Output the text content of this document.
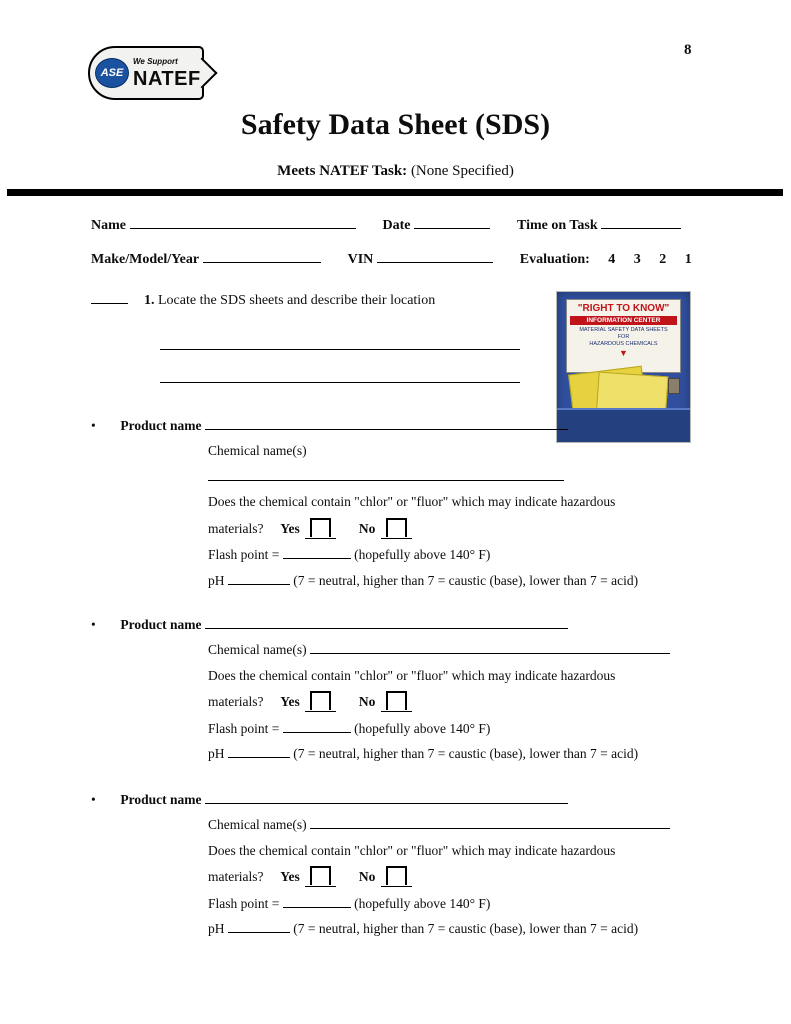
8
ASE
We Support
NATEF
Safety Data Sheet (SDS)
Meets NATEF Task: (None Specified)
Name	Date	Time on Task
Make/Model/Year	VIN	Evaluation: 4 3 2 1
1. Locate the SDS sheets and describe their location
"RIGHT TO KNOW"
INFORMATION CENTER
MATERIAL SAFETY DATA SHEETS
FOR
HAZARDOUS CHEMICALS
▼
• Product name
Chemical name(s)
Does the chemical contain "chlor" or "fluor" which may indicate hazardous
materials? Yes	No
Flash point =	(hopefully above 140° F)
pH	(7 = neutral, higher than 7 = caustic (base), lower than 7 = acid)
• Product name
Chemical name(s)
Does the chemical contain "chlor" or "fluor" which may indicate hazardous
materials? Yes	No
Flash point =	(hopefully above 140° F)
pH	(7 = neutral, higher than 7 = caustic (base), lower than 7 = acid)
• Product name
Chemical name(s)
Does the chemical contain "chlor" or "fluor" which may indicate hazardous
materials? Yes	No
Flash point =	(hopefully above 140° F)
pH	(7 = neutral, higher than 7 = caustic (base), lower than 7 = acid)
